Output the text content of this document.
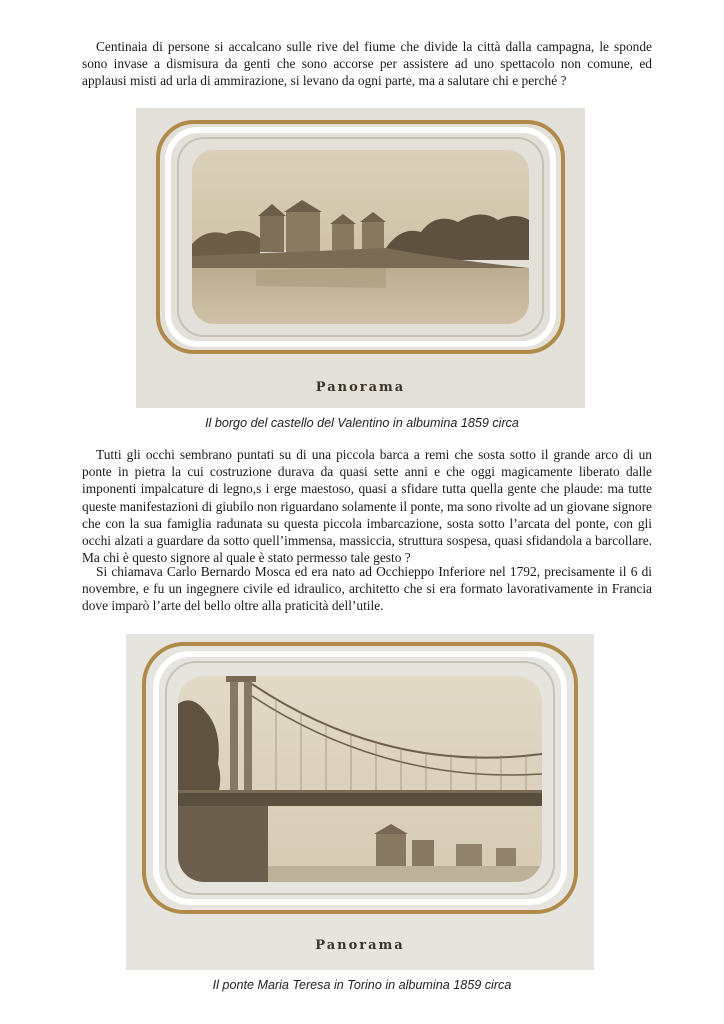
Centinaia di persone si accalcano sulle rive del fiume che divide la città dalla campagna, le sponde sono invase a dismisura da genti che sono accorse per assistere ad uno spettacolo non comune, ed applausi misti ad urla di ammirazione, si levano da ogni parte, ma a salutare chi e perché ?

Panorama

Il borgo del castello del Valentino in albumina 1859 circa

Tutti gli occhi sembrano puntati su di una piccola barca a remi che sosta sotto il grande arco di un ponte in pietra la cui costruzione durava da quasi sette anni e che oggi magicamente liberato dalle imponenti impalcature di legno,s i erge maestoso, quasi a sfidare tutta quella gente che plaude: ma tutte queste manifestazioni di giubilo non riguardano solamente il ponte, ma sono rivolte ad un giovane signore che con la sua famiglia radunata su questa piccola imbarcazione, sosta sotto l’arcata del ponte, con gli occhi alzati a guardare da sotto quell’immensa, massiccia, struttura sospesa, quasi sfidandola a barcollare. Ma chi è questo signore al quale è stato permesso tale gesto ?

Si chiamava Carlo Bernardo Mosca ed era nato ad Occhieppo Inferiore nel 1792, precisamente il 6 di novembre, e fu un ingegnere civile ed idraulico, architetto che si era formato lavorativamente in Francia dove imparò l’arte del bello oltre alla praticità dell’utile.

Panorama

Il ponte Maria Teresa in Torino in albumina 1859 circa
